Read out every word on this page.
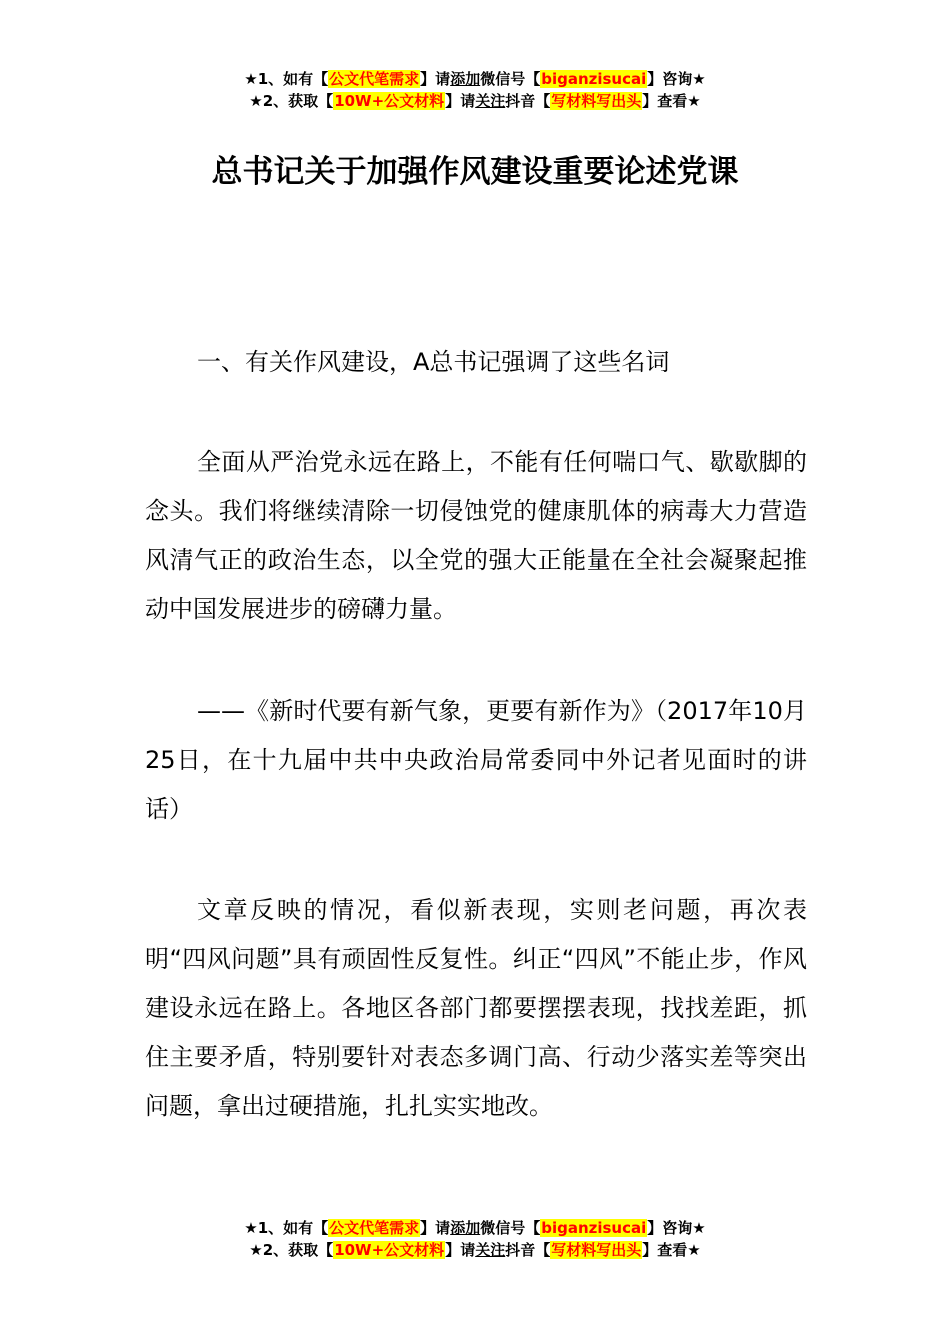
★1、如有【公文代笔需求】请添加微信号【biganzisucai】咨询★
★2、获取【10W+公文材料】请关注抖音【写材料写出头】查看★
总书记关于加强作风建设重要论述党课

一、有关作风建设，A总书记强调了这些名词

全面从严治党永远在路上，不能有任何喘口气、歇歇脚的念头。我们将继续清除一切侵蚀党的健康肌体的病毒大力营造风清气正的政治生态，以全党的强大正能量在全社会凝聚起推动中国发展进步的磅礴力量。

——《新时代要有新气象，更要有新作为》（2017年10月25日，在十九届中共中央政治局常委同中外记者见面时的讲话）

文章反映的情况，看似新表现，实则老问题，再次表明“四风问题”具有顽固性反复性。纠正“四风”不能止步，作风建设永远在路上。各地区各部门都要摆摆表现，找找差距，抓住主要矛盾，特别要针对表态多调门高、行动少落实差等突出问题，拿出过硬措施，扎扎实实地改。

★1、如有【公文代笔需求】请添加微信号【biganzisucai】咨询★
★2、获取【10W+公文材料】请关注抖音【写材料写出头】查看★
